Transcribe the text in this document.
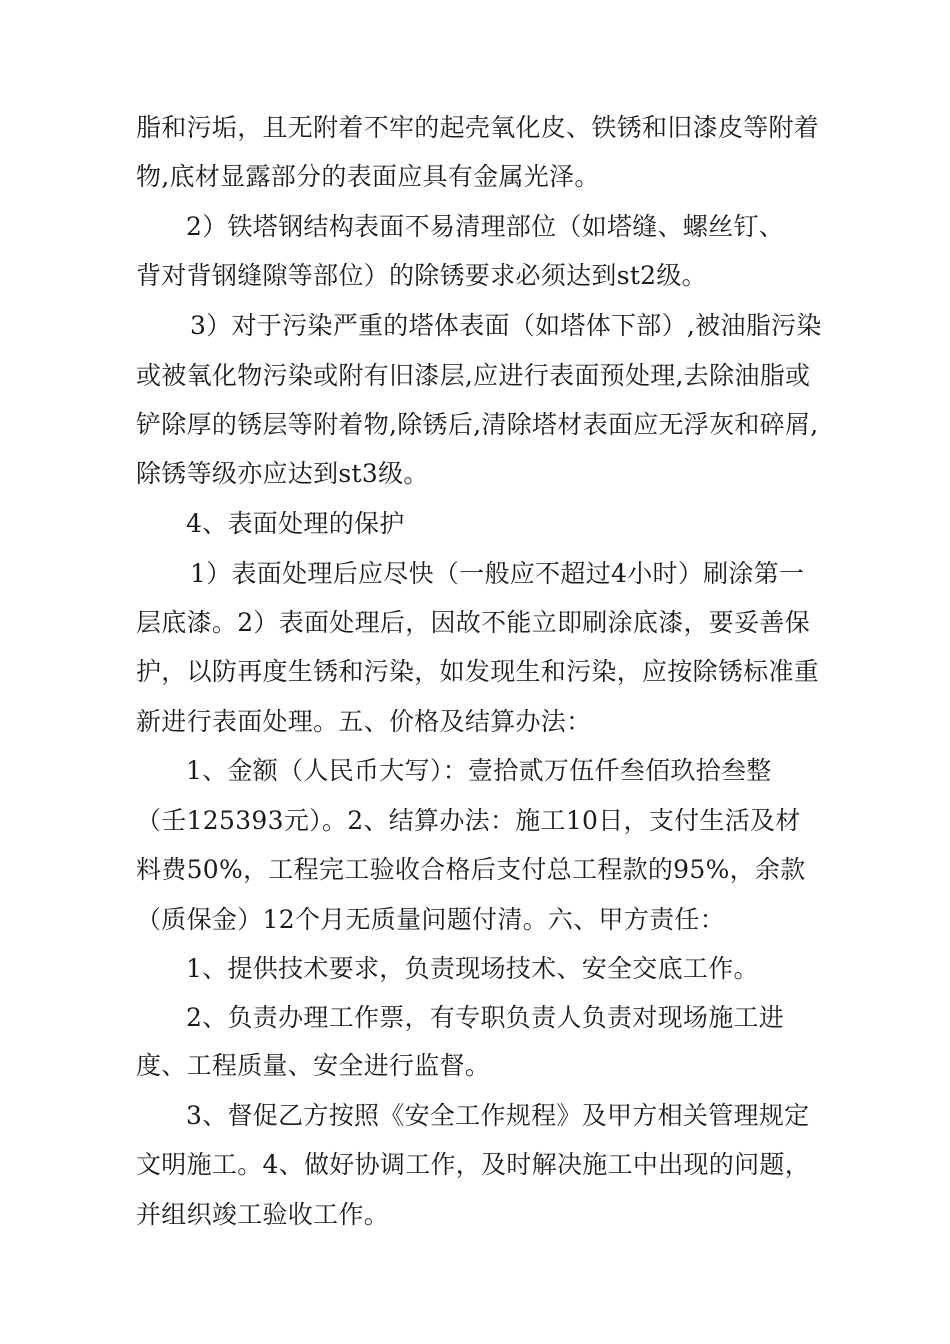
脂和污垢，且无附着不牢的起壳氧化皮、铁锈和旧漆皮等附着
物,底材显露部分的表面应具有金属光泽。
2）铁塔钢结构表面不易清理部位（如塔缝、螺丝钉、
背对背钢缝隙等部位）的除锈要求必须达到st2级。
3）对于污染严重的塔体表面（如塔体下部）,被油脂污染
或被氧化物污染或附有旧漆层,应进行表面预处理,去除油脂或
铲除厚的锈层等附着物,除锈后,清除塔材表面应无浮灰和碎屑,
除锈等级亦应达到st3级。
4、表面处理的保护
1）表面处理后应尽快（一般应不超过4小时）刷涂第一
层底漆。2）表面处理后，因故不能立即刷涂底漆，要妥善保
护，以防再度生锈和污染，如发现生和污染，应按除锈标准重
新进行表面处理。五、价格及结算办法：
1、金额（人民币大写）：壹拾贰万伍仟叁佰玖拾叁整
（壬125393元）。2、结算办法：施工10日，支付生活及材
料费50%，工程完工验收合格后支付总工程款的95%，余款
（质保金）12个月无质量问题付清。六、甲方责任：
1、提供技术要求，负责现场技术、安全交底工作。
2、负责办理工作票，有专职负责人负责对现场施工进
度、工程质量、安全进行监督。
3、督促乙方按照《安全工作规程》及甲方相关管理规定
文明施工。4、做好协调工作，及时解决施工中出现的问题，
并组织竣工验收工作。
